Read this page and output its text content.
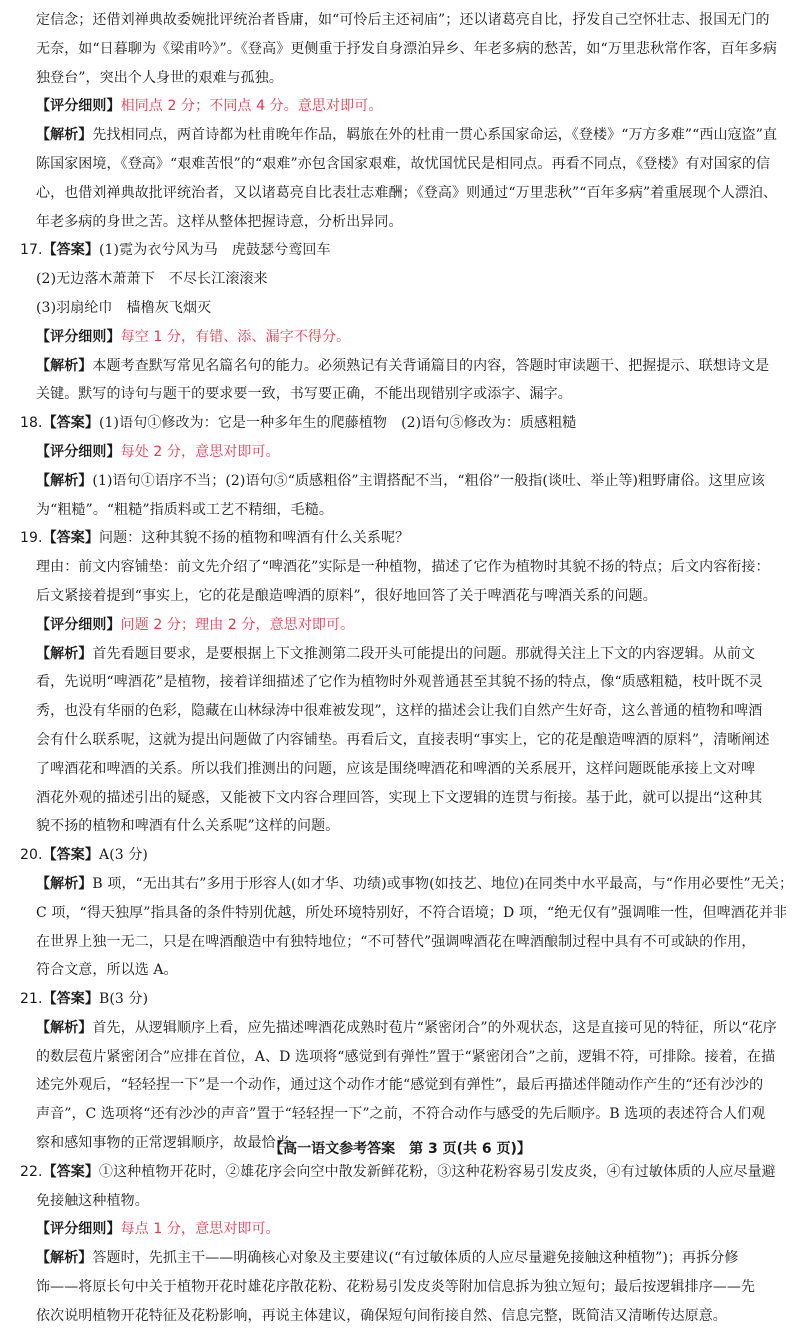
定信念；还借刘禅典故委婉批评统治者昏庸，如“可怜后主还祠庙”；还以诸葛亮自比，抒发自己空怀壮志、报国无门的

无奈，如“日暮聊为《梁甫吟》”。《登高》更侧重于抒发自身漂泊异乡、年老多病的愁苦，如“万里悲秋常作客，百年多病

独登台”，突出个人身世的艰难与孤独。

【评分细则】相同点 2 分；不同点 4 分。意思对即可。

【解析】先找相同点，两首诗都为杜甫晚年作品，羁旅在外的杜甫一贯心系国家命运，《登楼》“万方多难”“西山寇盗”直

陈国家困境，《登高》“艰难苦恨”的“艰难”亦包含国家艰难，故忧国忧民是相同点。再看不同点，《登楼》有对国家的信

心，也借刘禅典故批评统治者，又以诸葛亮自比表壮志难酬；《登高》则通过“万里悲秋”“百年多病”着重展现个人漂泊、

年老多病的身世之苦。这样从整体把握诗意，分析出异同。

17.【答案】(1)霓为衣兮风为马　虎鼓瑟兮鸾回车

(2)无边落木萧萧下　不尽长江滚滚来

(3)羽扇纶巾　樯橹灰飞烟灭

【评分细则】每空 1 分，有错、添、漏字不得分。

【解析】本题考查默写常见名篇名句的能力。必须熟记有关背诵篇目的内容，答题时审读题干、把握提示、联想诗文是

关键。默写的诗句与题干的要求要一致，书写要正确，不能出现错别字或添字、漏字。

18.【答案】(1)语句①修改为：它是一种多年生的爬藤植物　(2)语句⑤修改为：质感粗糙

【评分细则】每处 2 分，意思对即可。

【解析】(1)语句①语序不当；(2)语句⑤“质感粗俗”主谓搭配不当，“粗俗”一般指(谈吐、举止等)粗野庸俗。这里应该

为“粗糙”。“粗糙”指质料或工艺不精细，毛糙。

19.【答案】问题：这种其貌不扬的植物和啤酒有什么关系呢？

理由：前文内容铺垫：前文先介绍了“啤酒花”实际是一种植物，描述了它作为植物时其貌不扬的特点；后文内容衔接：

后文紧接着提到“事实上，它的花是酿造啤酒的原料”，很好地回答了关于啤酒花与啤酒关系的问题。

【评分细则】问题 2 分；理由 2 分，意思对即可。

【解析】首先看题目要求，是要根据上下文推测第二段开头可能提出的问题。那就得关注上下文的内容逻辑。从前文

看，先说明“啤酒花”是植物，接着详细描述了它作为植物时外观普通甚至其貌不扬的特点，像“质感粗糙，枝叶既不灵

秀，也没有华丽的色彩，隐藏在山林绿涛中很难被发现”，这样的描述会让我们自然产生好奇，这么普通的植物和啤酒

会有什么联系呢，这就为提出问题做了内容铺垫。再看后文，直接表明“事实上，它的花是酿造啤酒的原料”，清晰阐述

了啤酒花和啤酒的关系。所以我们推测出的问题，应该是围绕啤酒花和啤酒的关系展开，这样问题既能承接上文对啤

酒花外观的描述引出的疑惑，又能被下文内容合理回答，实现上下文逻辑的连贯与衔接。基于此，就可以提出“这种其

貌不扬的植物和啤酒有什么关系呢”这样的问题。

20.【答案】A(3 分)

【解析】B 项，“无出其右”多用于形容人(如才华、功绩)或事物(如技艺、地位)在同类中水平最高，与“作用必要性”无关；

C 项，“得天独厚”指具备的条件特别优越，所处环境特别好，不符合语境；D 项，“绝无仅有”强调唯一性，但啤酒花并非

在世界上独一无二，只是在啤酒酿造中有独特地位；“不可替代”强调啤酒花在啤酒酿制过程中具有不可或缺的作用，

符合文意，所以选 A。

21.【答案】B(3 分)

【解析】首先，从逻辑顺序上看，应先描述啤酒花成熟时苞片“紧密闭合”的外观状态，这是直接可见的特征，所以“花序

的数层苞片紧密闭合”应排在首位，A、D 选项将“感觉到有弹性”置于“紧密闭合”之前，逻辑不符，可排除。接着，在描

述完外观后，“轻轻捏一下”是一个动作，通过这个动作才能“感觉到有弹性”，最后再描述伴随动作产生的“还有沙沙的

声音”，C 选项将“还有沙沙的声音”置于“轻轻捏一下”之前，不符合动作与感受的先后顺序。B 选项的表述符合人们观

察和感知事物的正常逻辑顺序，故最恰当。

22.【答案】①这种植物开花时，②雄花序会向空中散发新鲜花粉，③这种花粉容易引发皮炎，④有过敏体质的人应尽量避

免接触这种植物。

【评分细则】每点 1 分，意思对即可。

【解析】答题时，先抓主干——明确核心对象及主要建议(“有过敏体质的人应尽量避免接触这种植物”)；再拆分修

饰——将原长句中关于植物开花时雄花序散花粉、花粉易引发皮炎等附加信息拆为独立短句；最后按逻辑排序——先

依次说明植物开花特征及花粉影响，再说主体建议，确保短句间衔接自然、信息完整，既简洁又清晰传达原意。

【高一语文参考答案　第 3 页(共 6 页)】
